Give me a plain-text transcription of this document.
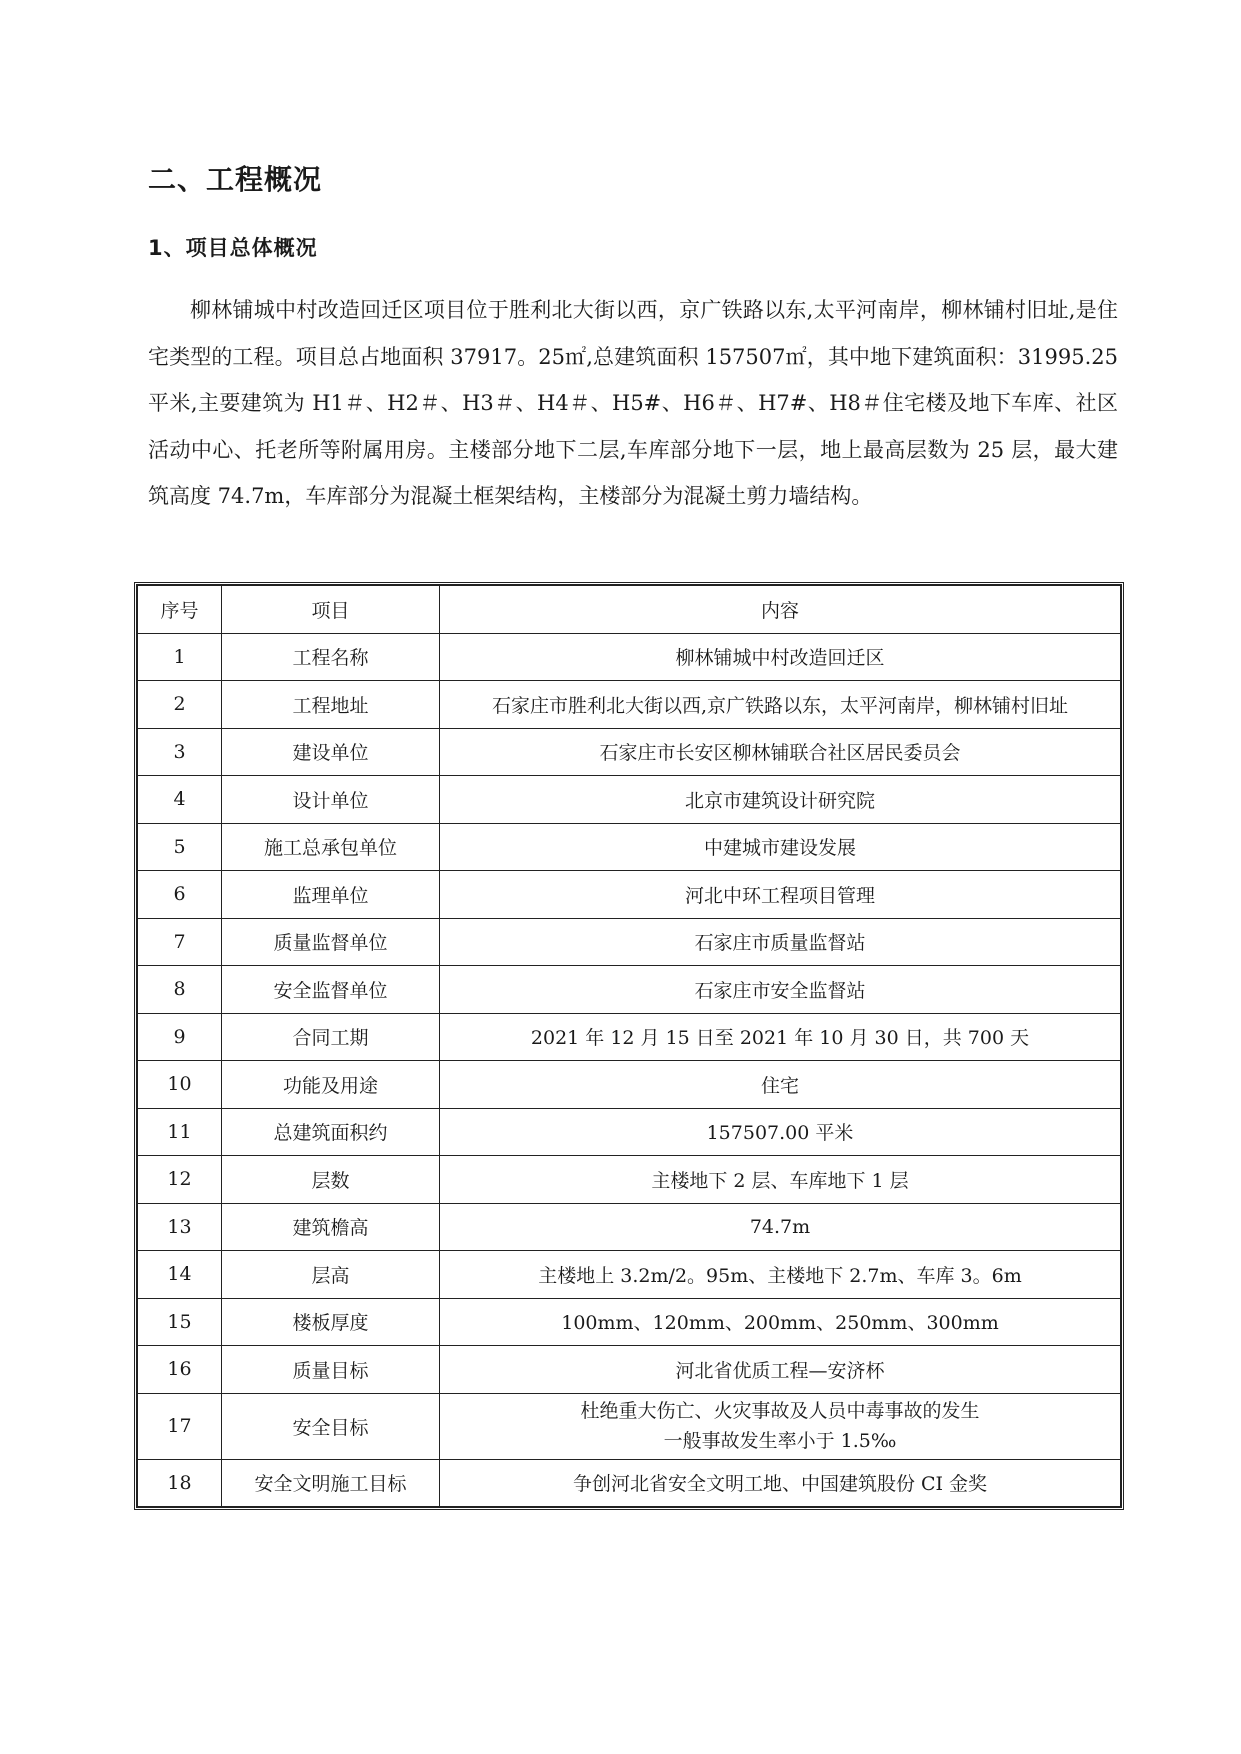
二、工程概况
1、项目总体概况
柳林铺城中村改造回迁区项目位于胜利北大街以西，京广铁路以东,太平河南岸，柳林铺村旧址,是住宅类型的工程。项目总占地面积 37917。25㎡,总建筑面积 157507㎡，其中地下建筑面积：31995.25 平米,主要建筑为 H1＃、H2＃、H3＃、H4＃、H5#、H6＃、H7#、H8＃住宅楼及地下车库、社区活动中心、托老所等附属用房。主楼部分地下二层,车库部分地下一层，地上最高层数为 25 层，最大建筑高度 74.7m，车库部分为混凝土框架结构，主楼部分为混凝土剪力墙结构。
序号	项目	内容
1	工程名称	柳林铺城中村改造回迁区
2	工程地址	石家庄市胜利北大街以西,京广铁路以东，太平河南岸，柳林铺村旧址
3	建设单位	石家庄市长安区柳林铺联合社区居民委员会
4	设计单位	北京市建筑设计研究院
5	施工总承包单位	中建城市建设发展
6	监理单位	河北中环工程项目管理
7	质量监督单位	石家庄市质量监督站
8	安全监督单位	石家庄市安全监督站
9	合同工期	2021 年 12 月 15 日至 2021 年 10 月 30 日，共 700 天
10	功能及用途	住宅
11	总建筑面积约	157507.00 平米
12	层数	主楼地下 2 层、车库地下 1 层
13	建筑檐高	74.7m
14	层高	主楼地上 3.2m/2。95m、主楼地下 2.7m、车库 3。6m
15	楼板厚度	100mm、120mm、200mm、250mm、300mm
16	质量目标	河北省优质工程—安济杯
17	安全目标	杜绝重大伤亡、火灾事故及人员中毒事故的发生
一般事故发生率小于 1.5‰

18	安全文明施工目标	争创河北省安全文明工地、中国建筑股份 CI 金奖
